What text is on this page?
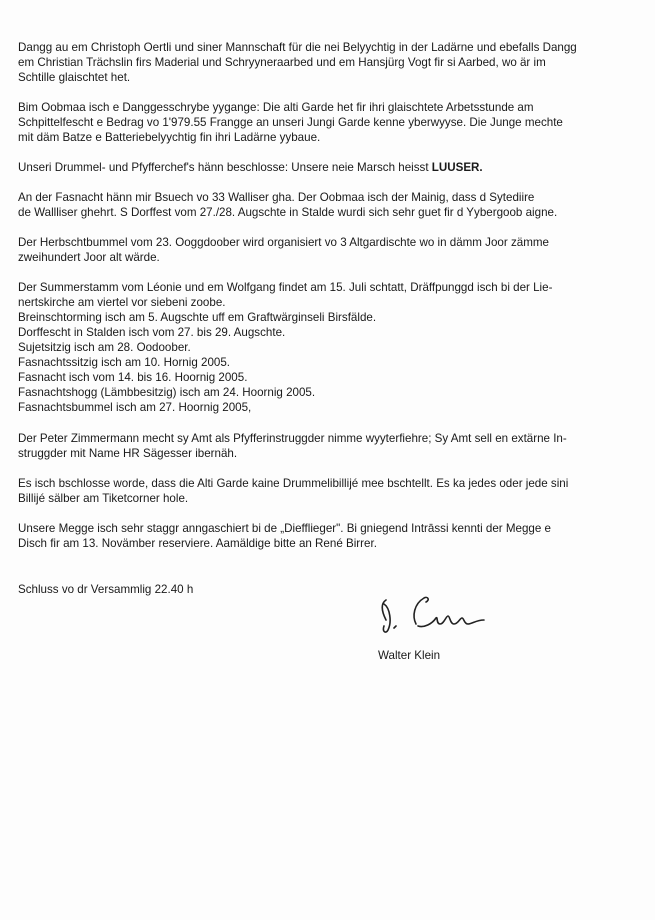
Dangg au em Christoph Oertli und siner Mannschaft für die nei Belyychtig in der Ladärne und ebefalls Dangg
em Christian Trächslin firs Maderial und Schryyneraarbed und em Hansjürg Vogt fir si Aarbed, wo är im
Schtille glaischtet het.

Bim Oobmaa isch e Danggesschrybe yygange: Die alti Garde het fir ihri glaischtete Arbetsstunde am
Schpittelfescht e Bedrag vo 1'979.55 Frangge an unseri Jungi Garde kenne yberwyyse. Die Junge mechte
mit däm Batze e Batteriebelyychtig fin ihri Ladärne yybaue.

Unseri Drummel- und Pfyfferchef's hänn beschlosse: Unsere neie Marsch heisst LUUSER.

An der Fasnacht hänn mir Bsuech vo 33 Walliser gha. Der Oobmaa isch der Mainig, dass d Sytediire
de Wallliser ghehrt. S Dorffest vom 27./28. Augschte in Stalde wurdi sich sehr guet fir d Yybergoob aigne.

Der Herbschtbummel vom 23. Ooggdoober wird organisiert vo 3 Altgardischte wo in dämm Joor zämme
zweihundert Joor alt wärde.

Der Summerstamm vom Léonie und em Wolfgang findet am 15. Juli schtatt, Dräffpunggd isch bi der Lie-
nertskirche am viertel vor siebeni zoobe.
Breinschtorming isch am 5. Augschte uff em Graftwärginseli Birsfälde.
Dorffescht in Stalden isch vom 27. bis 29. Augschte.
Sujetsitzig isch am 28. Oodoober.
Fasnachtssitzig isch am 10. Hornig 2005.
Fasnacht isch vom 14. bis 16. Hoornig 2005.
Fasnachtshogg (Lämbbesitzig) isch am 24. Hoornig 2005.
Fasnachtsbummel isch am 27. Hoornig 2005,

Der Peter Zimmermann mecht sy Amt als Pfyfferinstruggder nimme wyyterfiehre; Sy Amt sell en extärne In-
struggder mit Name HR Sägesser ibernäh.

Es isch bschlosse worde, dass die Alti Garde kaine Drummelibillijé mee bschtellt. Es ka jedes oder jede sini
Billijé sälber am Tiketcorner hole.

Unsere Megge isch sehr staggr anngaschiert bi de „Diefflieger". Bi gniegend Intrāssi kennti der Megge e
Disch fir am 13. Novämber reserviere. Aamäldige bitte an René Birrer.

Schluss vo dr Versammlig 22.40 h
Walter Klein
